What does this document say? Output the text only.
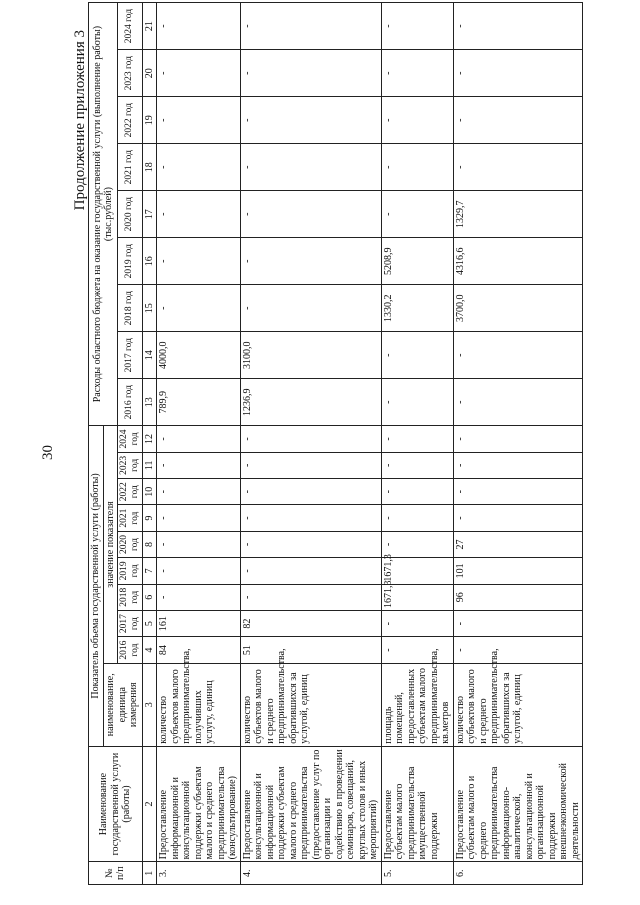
30
Продолжение приложения 3
№ п/п	Наименование государственной услуги (работы)	Показатель объема государственной услуги (работы)										Расходы областного бюджета на оказание государственной услуги (выполнение работы) (тыс.рублей)								
		наименование, единица измерения	значение показателя																	
			2016 год	2017 год	2018 год	2019 год	2020 год	2021 год	2022 год	2023 год	2024 год	2016 год	2017 год	2018 год	2019 год	2020 год	2021 год	2022 год	2023 год	2024 год

1	2	3	4	5	6	7	8	9	10	11	12	13	14	15	16	17	18	19	20	21
3.	Предоставление информационной и консультационной поддержки субъектам малого и среднего предпринимательства (консультирование)	количество субъектов малого предпринимательства, получивших услугу, единиц	84	161	-	-	-	-	-	-	-	789,9	4000,0	-	-	-	-	-	-	-
4.	Предоставление консультационной и информационной поддержки субъектам малого и среднего предпринимательства (предоставление услуг по организации и содействию в проведении семинаров, совещаний, круглых столов и иных мероприятий)	количество субъектов малого и среднего предпринимательства, обратившихся за услугой, единиц	51	82	-	-	-	-	-	-	-	1236,9	3100,0	-	-	-	-	-	-	-
5.	Предоставление субъектам малого предпринимательства имущественной поддержки	площадь помещений, предоставленных субъектам малого предпринимательства, кв.метров	-	-	1671,3	1671,3	-	-	-	-	-	-	-	1330,2	5208,9	-	-	-	-	-
6.	Предоставление субъектам малого и среднего предпринимательства информационно-аналитической, консультационной и организационной поддержки внешнеэкономической деятельности	количество субъектов малого и среднего предпринимательства, обратившихся за услугой, единиц	-	-	96	101	27	-	-	-	-	-	-	3700,0	4316,6	1329,7	-	-	-	-
